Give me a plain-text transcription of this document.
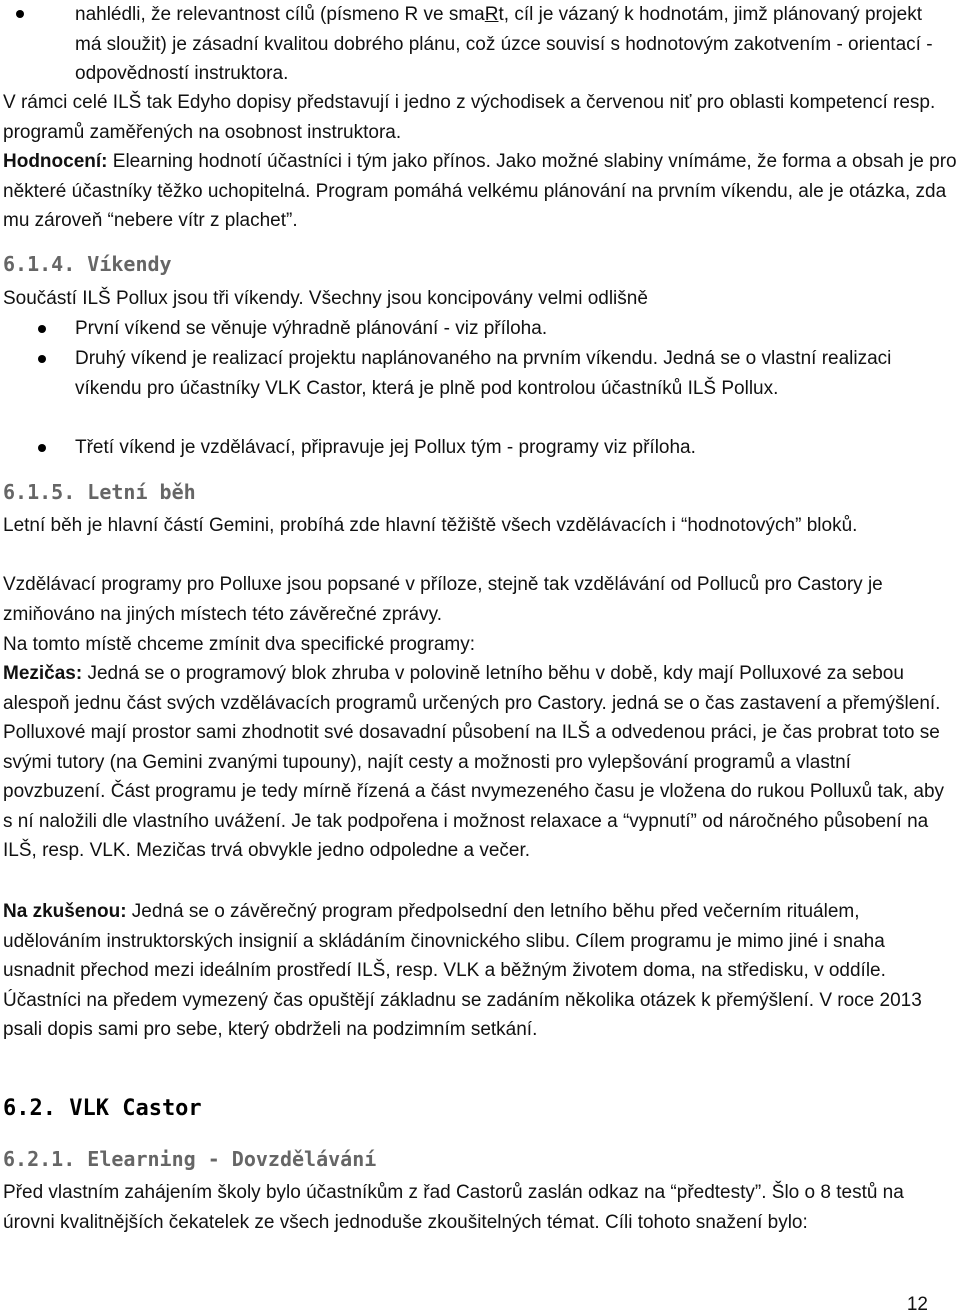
nahlédli, že relevantnost cílů (písmeno R ve smaRt, cíl je vázaný k hodnotám, jimž plánovaný projekt má sloužit) je zásadní kvalitou dobrého plánu, což úzce souvisí s hodnotovým zakotvením - orientací - odpovědností instruktora.

V rámci celé ILŠ tak Edyho dopisy představují i jedno z východisek a červenou niť pro oblasti kompetencí resp. programů zaměřených na osobnost instruktora.

Hodnocení: Elearning hodnotí účastníci i tým jako přínos. Jako možné slabiny vnímáme, že forma a obsah je pro některé účastníky těžko uchopitelná. Program pomáhá velkému plánování na prvním víkendu, ale je otázka, zda mu zároveň “nebere vítr z plachet”.

6.1.4. Víkendy

Součástí ILŠ Pollux jsou tři víkendy. Všechny jsou koncipovány velmi odlišně

První víkend se věnuje výhradně plánování - viz příloha.

Druhý víkend je realizací projektu naplánovaného na prvním víkendu. Jedná se o vlastní realizaci víkendu pro účastníky VLK Castor, která je plně pod kontrolou účastníků ILŠ Pollux.

Třetí víkend je vzdělávací, připravuje jej Pollux tým - programy viz příloha.

6.1.5. Letní běh

Letní běh je hlavní částí Gemini, probíhá zde hlavní těžiště všech vzdělávacích i “hodnotových” bloků.

Vzdělávací programy pro Polluxe jsou popsané v příloze, stejně tak vzdělávání od Polluců pro Castory je zmiňováno na jiných místech této závěrečné zprávy.

Na tomto místě chceme zmínit dva specifické programy:

Mezičas: Jedná se o programový blok zhruba v polovině letního běhu v době, kdy mají Polluxové za sebou alespoň jednu část svých vzdělávacích programů určených pro Castory. jedná se o čas zastavení a přemýšlení. Polluxové mají prostor sami zhodnotit své dosavadní působení na ILŠ a odvedenou práci, je čas probrat toto se svými tutory (na Gemini zvanými tupouny), najít cesty a možnosti pro vylepšování programů a vlastní povzbuzení. Část programu je tedy mírně řízená a část nvymezeného času je vložena do rukou Polluxů tak, aby s ní naložili dle vlastního uvážení. Je tak podpořena i možnost relaxace a “vypnutí” od náročného působení na ILŠ, resp. VLK. Mezičas trvá obvykle jedno odpoledne a večer.

Na zkušenou: Jedná se o závěrečný program předpolsední den letního běhu před večerním rituálem, udělováním instruktorských insignií a skládáním činovnického slibu. Cílem programu je mimo jiné i snaha usnadnit přechod mezi ideálním prostředí ILŠ, resp. VLK a běžným životem doma, na středisku, v oddíle. Účastníci na předem vymezený čas opuštějí základnu se zadáním několika otázek k přemýšlení. V roce 2013 psali dopis sami pro sebe, který obdrželi na podzimním setkání.

6.2. VLK Castor
6.2.1. Elearning - Dovzdělávání

Před vlastním zahájením školy bylo účastníkům z řad Castorů zaslán odkaz na “předtesty”. Šlo o 8 testů na úrovni kvalitnějších čekatelek ze všech jednoduše zkoušitelných témat. Cíli tohoto snažení bylo:

12
